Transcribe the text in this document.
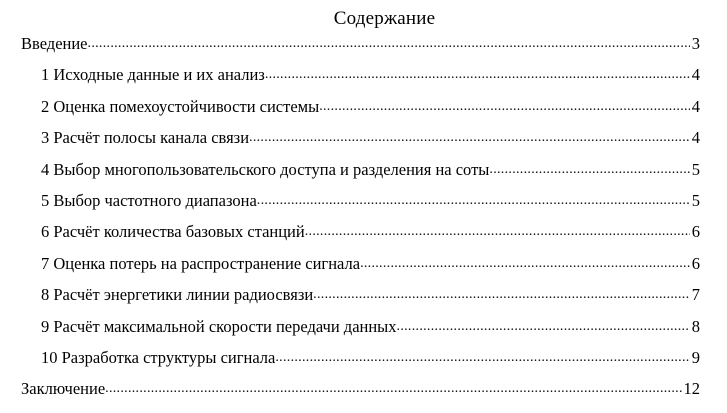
Содержание
Введение .....	3
1 Исходные данные и их анализ .....	4
2 Оценка помехоустойчивости системы .....	4
3 Расчёт полосы канала связи .....	4
4 Выбор многопользовательского доступа и разделения на соты .....	5
5 Выбор частотного диапазона .....	5
6 Расчёт количества базовых станций .....	6
7 Оценка потерь на распространение сигнала .....	6
8 Расчёт энергетики линии радиосвязи .....	7
9 Расчёт максимальной скорости передачи данных .....	8
10 Разработка структуры сигнала .....	9
Заключение .....	12
